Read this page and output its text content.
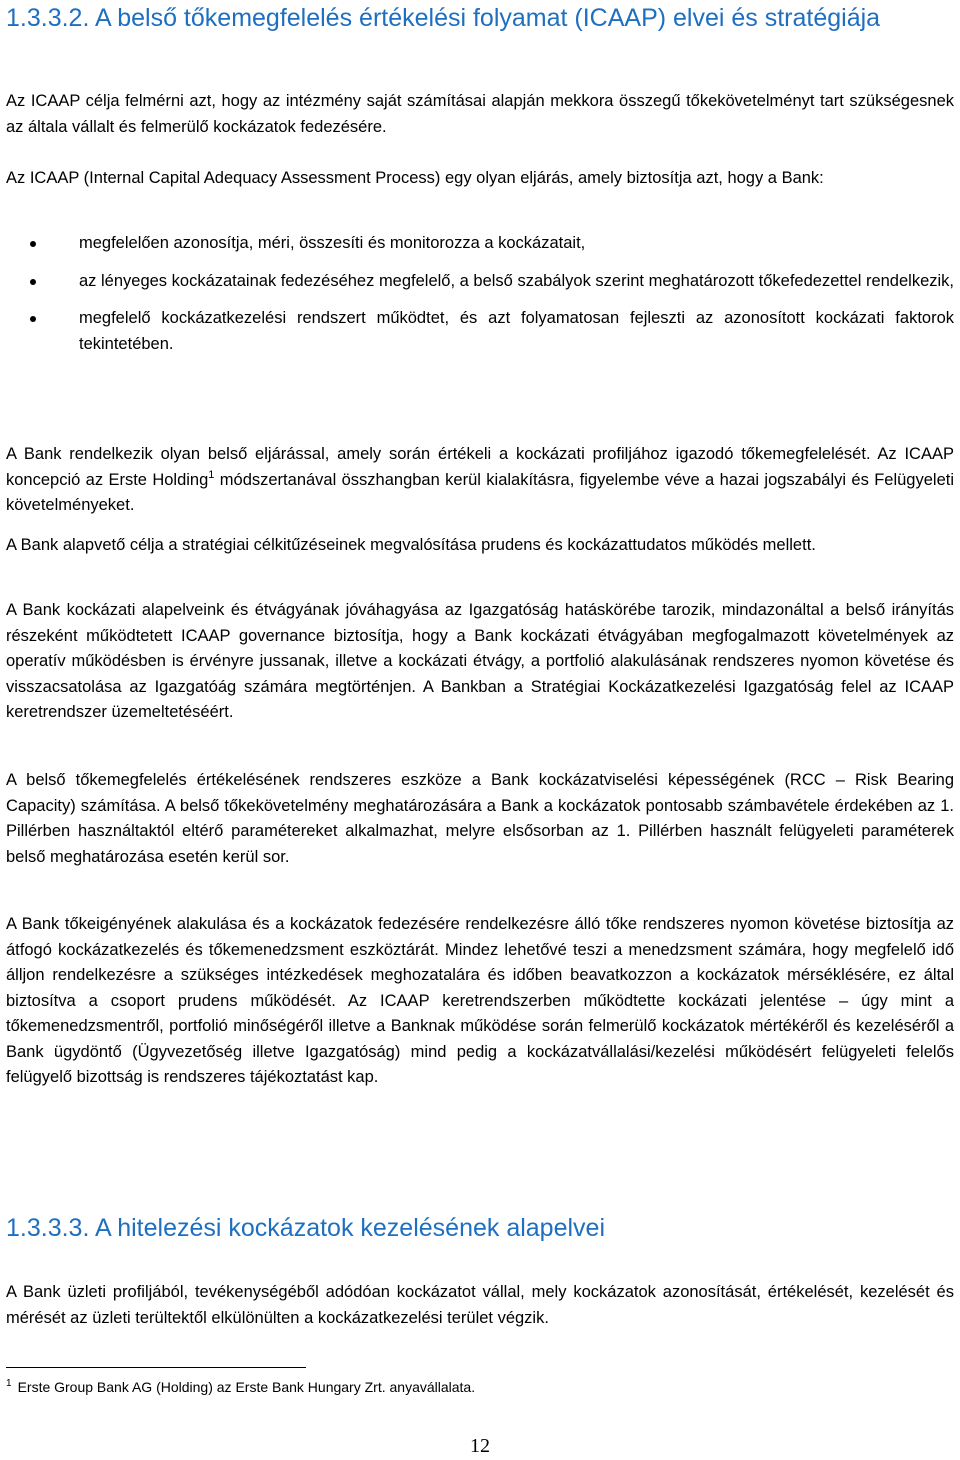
1.3.3.2. A belső tőkemegfelelés értékelési folyamat (ICAAP) elvei és stratégiája

Az ICAAP célja felmérni azt, hogy az intézmény saját számításai alapján mekkora összegű tőkekövetelményt tart szükségesnek az általa vállalt és felmerülő kockázatok fedezésére.

Az ICAAP (Internal Capital Adequacy Assessment Process) egy olyan eljárás, amely biztosítja azt, hogy a Bank:

megfelelően azonosítja, méri, összesíti és monitorozza a kockázatait,
az lényeges kockázatainak fedezéséhez megfelelő, a belső szabályok szerint meghatározott tőkefedezettel rendelkezik,
megfelelő kockázatkezelési rendszert működtet, és azt folyamatosan fejleszti az azonosított kockázati faktorok tekintetében.

A Bank rendelkezik olyan belső eljárással, amely során értékeli a kockázati profiljához igazodó tőkemegfelelését. Az ICAAP koncepció az Erste Holding$^1$ módszertanával összhangban kerül kialakításra, figyelembe véve a hazai jogszabályi és Felügyeleti követelményeket.

A Bank alapvető célja a stratégiai célkitűzéseinek megvalósítása prudens és kockázattudatos működés mellett.

A Bank kockázati alapelveink és étvágyának jóváhagyása az Igazgatóság hatáskörébe tarozik, mindazonáltal a belső irányítás részeként működtetett ICAAP governance biztosítja, hogy a Bank kockázati étvágyában megfogalmazott követelmények az operatív működésben is érvényre jussanak, illetve a kockázati étvágy, a portfolió alakulásának rendszeres nyomon követése és visszacsatolása az Igazgatóág számára megtörténjen. A Bankban a Stratégiai Kockázatkezelési Igazgatóság felel az ICAAP keretrendszer üzemeltetéséért.

A belső tőkemegfelelés értékelésének rendszeres eszköze a Bank kockázatviselési képességének (RCC – Risk Bearing Capacity) számítása. A belső tőkekövetelmény meghatározására a Bank a kockázatok pontosabb számbavétele érdekében az 1. Pillérben használtaktól eltérő paramétereket alkalmazhat, melyre elsősorban az 1. Pillérben használt felügyeleti paraméterek belső meghatározása esetén kerül sor.

A Bank tőkeigényének alakulása és a kockázatok fedezésére rendelkezésre álló tőke rendszeres nyomon követése biztosítja az átfogó kockázatkezelés és tőkemenedzsment eszköztárát. Mindez lehetővé teszi a menedzsment számára, hogy megfelelő idő álljon rendelkezésre a szükséges intézkedések meghozatalára és időben beavatkozzon a kockázatok mérséklésére, ez által biztosítva a csoport prudens működését. Az ICAAP keretrendszerben működtette kockázati jelentése – úgy mint a tőkemenedzsmentről, portfolió minőségéről illetve a Banknak működése során felmerülő kockázatok mértékéről és kezeléséről a Bank ügydöntő (Ügyvezetőség illetve Igazgatóság) mind pedig a kockázatvállalási/kezelési működésért felügyeleti felelős felügyelő bizottság is rendszeres tájékoztatást kap.

1.3.3.3. A hitelezési kockázatok kezelésének alapelvei

A Bank üzleti profiljából, tevékenységéből adódóan kockázatot vállal, mely kockázatok azonosítását, értékelését, kezelését és mérését az üzleti terültektől elkülönülten a kockázatkezelési terület végzik.

$^1$ Erste Group Bank AG (Holding) az Erste Bank Hungary Zrt. anyavállalata.
12
